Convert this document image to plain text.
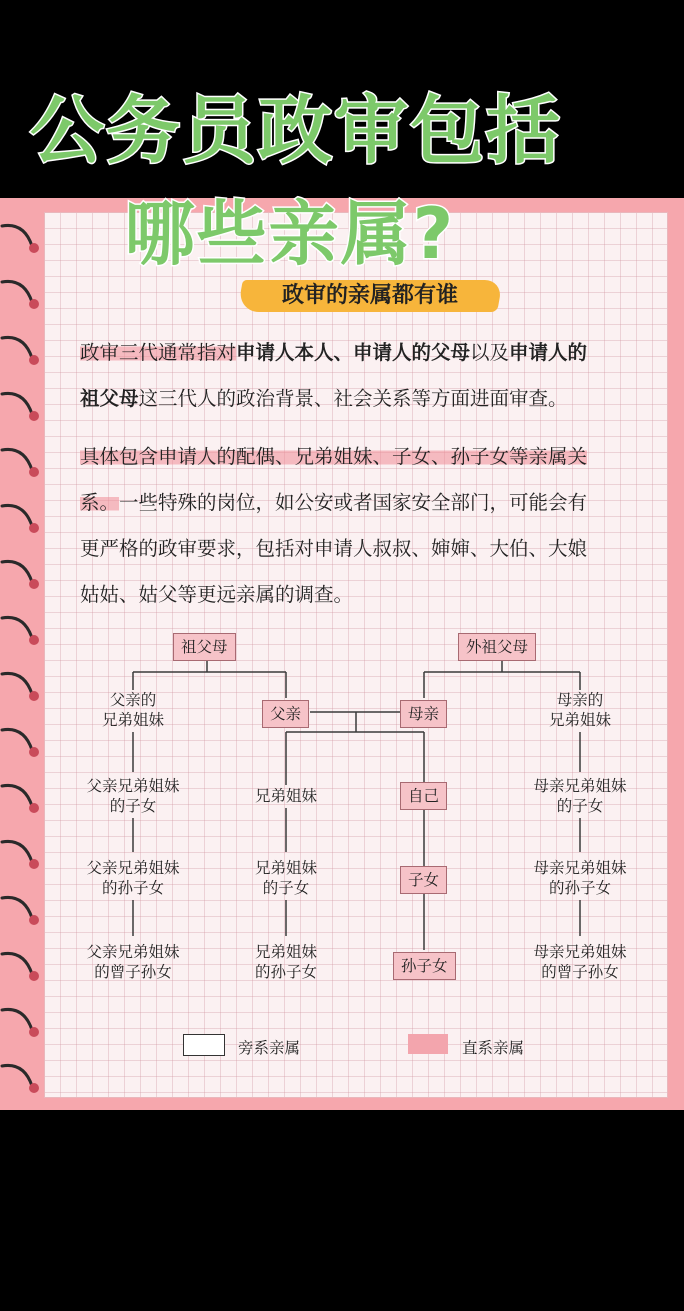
公务员政审包括
哪些亲属?
政审的亲属都有谁
政审三代通常指对申请人本人、申请人的父母以及申请人的
祖父母这三代人的政治背景、社会关系等方面进面审查。
具体包含申请人的配偶、兄弟姐妹、子女、孙子女等亲属关
系。一些特殊的岗位，如公安或者国家安全部门，可能会有
更严格的政审要求，包括对申请人叔叔、婶婶、大伯、大娘
姑姑、姑父等更远亲属的调查。
祖父母	外祖父母
父亲的
兄弟姐妹	父亲	母亲
母亲的
兄弟姐妹
父亲兄弟姐妹
的子女
兄弟姐妹	自己
母亲兄弟姐妹
的子女
父亲兄弟姐妹
的孙子女
兄弟姐妹
的子女	子女
母亲兄弟姐妹
的孙子女
父亲兄弟姐妹
的曾子孙女
兄弟姐妹
的孙子女	孙子女
母亲兄弟姐妹
的曾子孙女
旁系亲属	直系亲属
